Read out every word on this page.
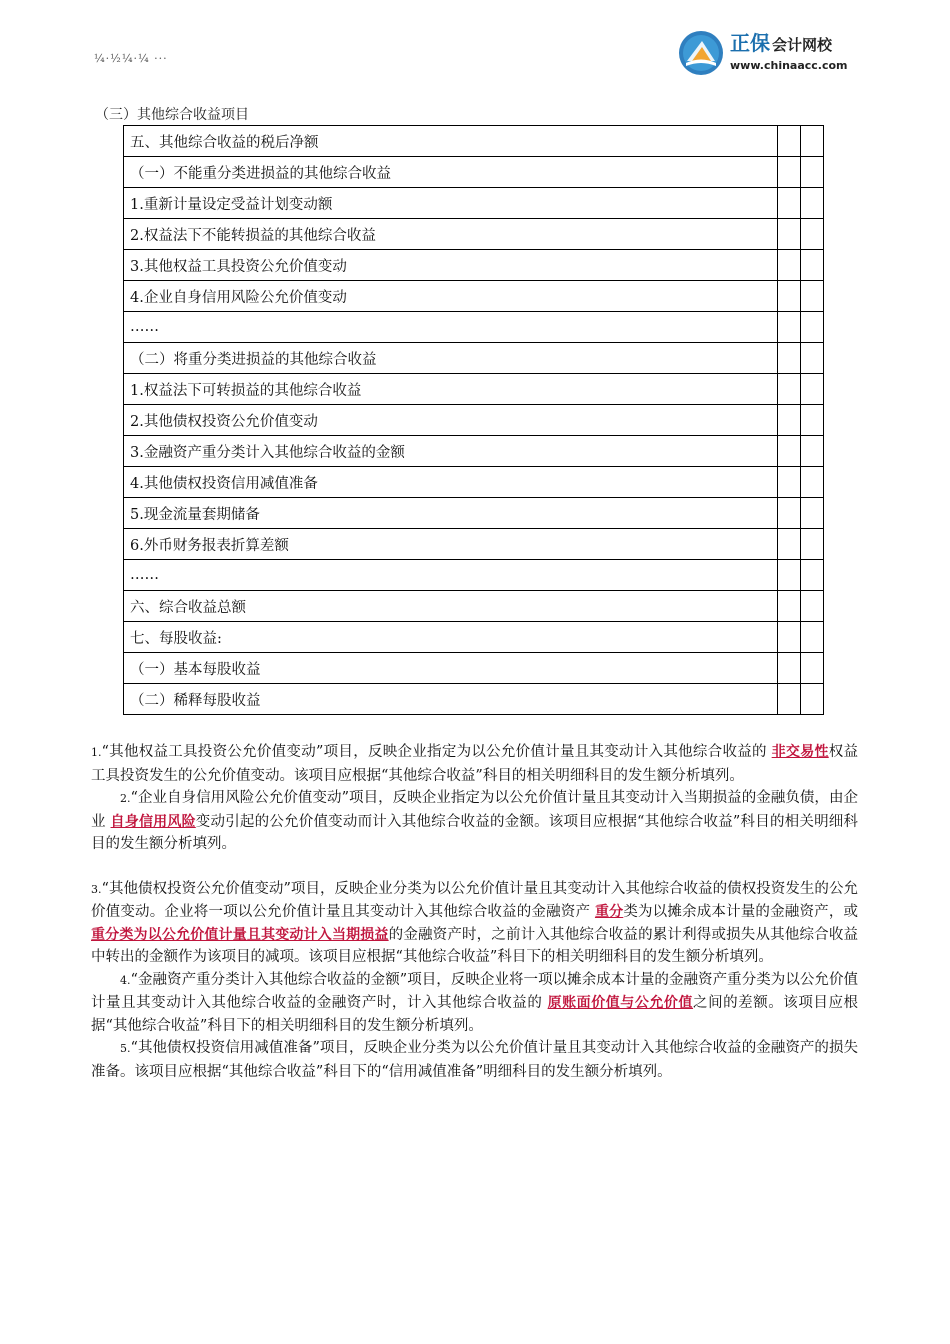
¼·½¼·¼ ···
正保 会计网校
www.chinaacc.com
（三）其他综合收益项目
五、其他综合收益的税后净额		
（一）不能重分类进损益的其他综合收益		
1.重新计量设定受益计划变动额		
2.权益法下不能转损益的其他综合收益		
3.其他权益工具投资公允价值变动		
4.企业自身信用风险公允价值变动		
……		
（二）将重分类进损益的其他综合收益		
1.权益法下可转损益的其他综合收益		
2.其他债权投资公允价值变动		
3.金融资产重分类计入其他综合收益的金额		
4.其他债权投资信用减值准备		
5.现金流量套期储备		
6.外币财务报表折算差额		
……		
六、综合收益总额		
七、每股收益:		
（一）基本每股收益		
（二）稀释每股收益		

1.“其他权益工具投资公允价值变动”项目，反映企业指定为以公允价值计量且其变动计入其他综合收益的 非交易性权益工具投资发生的公允价值变动。该项目应根据“其他综合收益”科目的相关明细科目的发生额分析填列。

2.“企业自身信用风险公允价值变动”项目，反映企业指定为以公允价值计量且其变动计入当期损益的金融负债，由企业 自身信用风险变动引起的公允价值变动而计入其他综合收益的金额。该项目应根据“其他综合收益”科目的相关明细科目的发生额分析填列。

3.“其他债权投资公允价值变动”项目，反映企业分类为以公允价值计量且其变动计入其他综合收益的债权投资发生的公允价值变动。企业将一项以公允价值计量且其变动计入其他综合收益的金融资产 重分类为以摊余成本计量的金融资产，或 重分类为以公允价值计量且其变动计入当期损益的金融资产时，之前计入其他综合收益的累计利得或损失从其他综合收益中转出的金额作为该项目的减项。该项目应根据“其他综合收益”科目下的相关明细科目的发生额分析填列。

4.“金融资产重分类计入其他综合收益的金额”项目，反映企业将一项以摊余成本计量的金融资产重分类为以公允价值计量且其变动计入其他综合收益的金融资产时，计入其他综合收益的 原账面价值与公允价值之间的差额。该项目应根据“其他综合收益”科目下的相关明细科目的发生额分析填列。

5.“其他债权投资信用减值准备”项目，反映企业分类为以公允价值计量且其变动计入其他综合收益的金融资产的损失准备。该项目应根据“其他综合收益”科目下的“信用减值准备”明细科目的发生额分析填列。
